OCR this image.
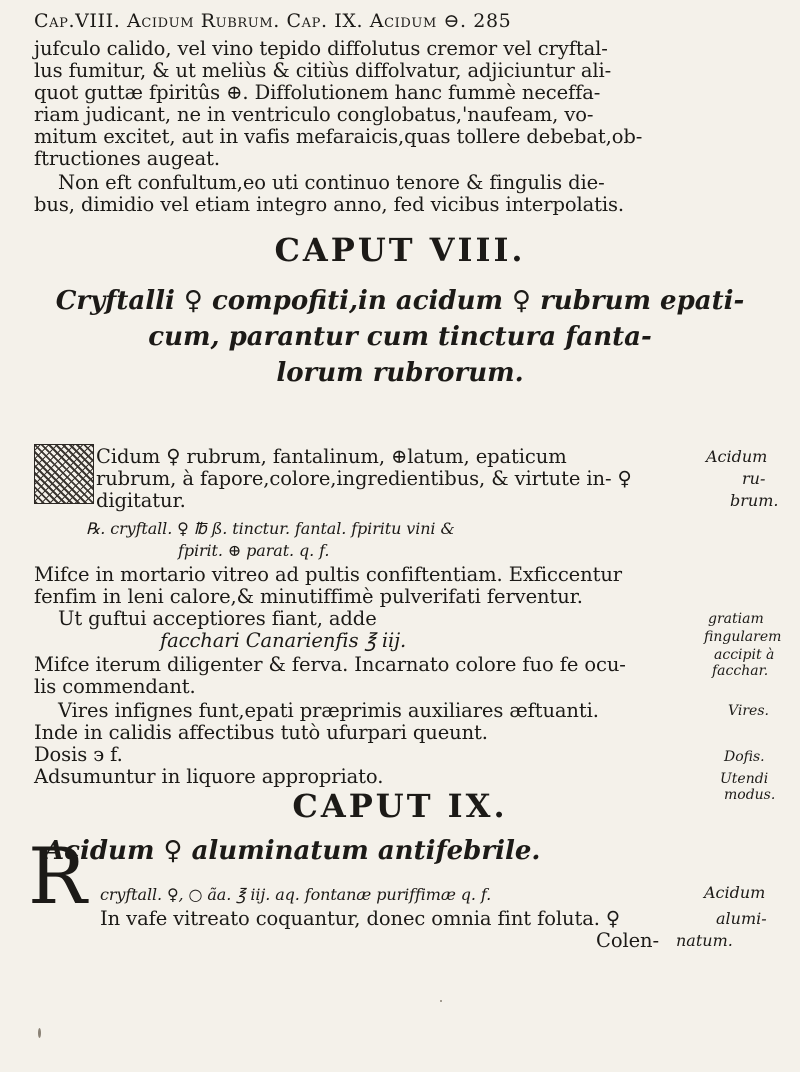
Cap.VIII. Acidum Rubrum. Cap. IX. Acidum ⊖. 285
jufculo calido, vel vino tepido diffolutus cremor vel cryftal-
lus fumitur, & ut meliùs & citiùs diffolvatur, adjiciuntur ali-
quot guttæ fpiritûs ⊕. Diffolutionem hanc fummè neceffa-
riam judicant, ne in ventriculo conglobatus,'naufeam, vo-
mitum excitet, aut in vafis mefaraicis,quas tollere debebat,ob-
ftructiones augeat.
Non eft confultum,eo uti continuo tenore & fingulis die-
bus, dimidio vel etiam integro anno, fed vicibus interpolatis.
CAPUT VIII.
Cryftalli ♀ compofiti,in acidum ♀ rubrum epati-
cum, parantur cum tinctura fanta-
lorum rubrorum.
Cidum ♀ rubrum, fantalinum, ⊕latum, epaticum
rubrum, à fapore,colore,ingredientibus, & virtute in- ♀
digitatur.
Acidum
ru-
brum.
℞. cryftall. ♀ ℔ ß. tinctur. fantal. fpiritu vini &
fpirit. ⊕ parat. q. f.
Mifce in mortario vitreo ad pultis confiftentiam. Exficcentur
fenfim in leni calore,& minutiffimè pulverifati ferventur.
Ut guftui acceptiores fiant, adde
facchari Canarienfis ℥ iij.
Mifce iterum diligenter & ferva. Incarnato colore fuo fe ocu-
lis commendant.
gratiam
fingularem
accipit à
facchar.
Vires infignes funt,epati præprimis auxiliares æftuanti.	Vires.
Inde in calidis affectibus tutò ufurpari queunt.
Dosis ϶ f.	Dofis.
Adsumuntur in liquore appropriato.	Utendi
modus.
CAPUT IX.
Acidum ♀ aluminatum antifebrile.
R cryftall. ♀, ○ ãa. ℥ iij. aq. fontanæ puriffimæ q. f.	Acidum
In vafe vitreato coquantur, donec omnia fint foluta. ♀	alumi-
Colen- natum.
